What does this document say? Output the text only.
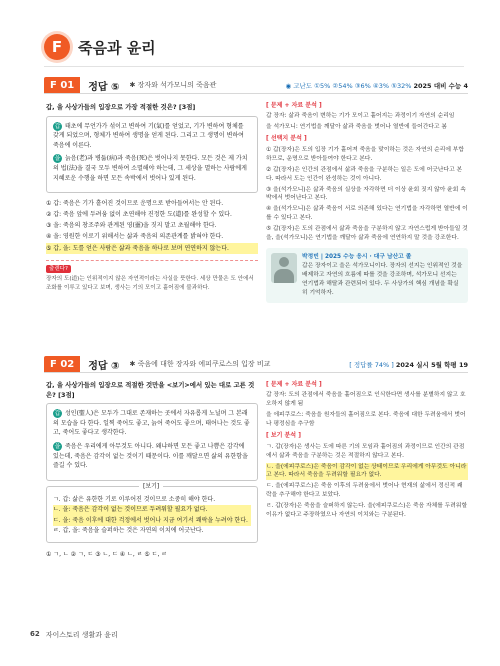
F	죽음과 윤리
F 01	정답 ⑤ ✱ 장자와 석가모니의 죽음관	◉ 고난도 ①5% ②54% ③6% ④3% ⑤32% 2025 대비 수능 4
갑, 을 사상가들의 입장으로 가장 적절한 것은? [3점]

갑 태초에 무언가가 섞이고 변하여 기(氣)를 얻었고, 기가 변하여 형체를 갖게 되었으며, 형체가 변하여 생명을 얻게 된다. 그리고 그 생명이 변하여 죽음에 이른다.

을 늙음(老)과 병듦(病)과 죽음(死)은 벗어나지 못한다. 모든 것은 제 가치의 법(法)을 결국 모두 변하여 소멸해야 하는데, 그 세상을 멸하는 사람에게 지혜로운 수행을 하면 모든 속박에서 벗어나 있게 된다.

① 갑: 죽음은 기가 흩어진 것이므로 운명으로 받아들여서는 안 된다.
② 갑: 죽음 앞에 두려움 없이 초연해야 진정한 도(道)를 완성할 수 있다.
③ 을: 죽음의 창조주와 관계된 영(靈)을 짓지 말고 초월해야 한다.
④ 을: 영원한 이로기 위해서는 삶과 죽음의 의존관계를 밝혀야 한다.
⑤ 갑, 을: 도를 얻은 사람은 삶과 죽음을 하나로 보며 연연하지 않는다.
출렌다?
장자의 도(道)는 인위적이지 않은 자연적이라는 사실을 뜻한다. 세상 만물은 도 안에서 조화를 이루고 있다고 보며, 생사는 기의 모이고 흩어짐에 불과하다.
[ 문제 + 자료 분석 ]

갑 장자: 삶과 죽음이 변하는 기가 모이고 흩어지는 과정이기 자연의 순리임

을 석가모니: 연기법을 깨달아 삶과 죽음을 벗어나 열반에 들어간다고 봄

[ 선택지 분석 ]

① 갑(장자)은 도의 입장 기가 흩어져 죽음을 맞이하는 것은 자연의 순리에 부합하므로, 운명으로 받아들여야 한다고 본다.

② 갑(장자)은 인간의 관점에서 삶과 죽음을 구분하는 일은 도에 어긋난다고 본다. 따라서 도는 인간이 완성하는 것이 아니다.

③ 을(석가모니)은 삶과 죽음의 실상을 자각하면 더 이상 윤회 짓지 않아 윤회 속박에서 벗어난다고 본다.

④ 을(석가모니)은 삶과 죽음이 서로 의존해 있다는 연기법을 자각하면 열반에 이를 수 있다고 본다.

⑤ 갑(장자)은 도의 관점에서 삶과 죽음을 구분하지 않고 자연스럽게 받아들일 것을, 을(석가모니)은 연기법을 깨달아 삶과 죽음에 연연하지 말 것을 강조한다.

박정빈 | 2025 수능 응시 · 대구 남산고 졸
갑은 장자이고 을은 석가모니이다. 장자의 선지는 인위적인 것을 배제하고 자연의 흐름에 따를 것을 강조하며, 석가모니 선지는 연기법과 해탈과 관련되어 있다. 두 사상가의 핵심 개념을 확실히 기억하자.
F 02	정답 ③ ✱ 죽음에 대한 장자와 에피쿠로스의 입장 비교	[ 정답률 74% ] 2024 실시 5월 학평 19
갑, 을 사상가들의 입장으로 적절한 것만을 <보기>에서 있는 대로 고른 것은? [3점]

갑 성인(聖人)은 모두가 그대로 존재하는 곳에서 자유롭게 노닐며 그 본래의 모습을 다 한다. 일찍 죽어도 좋고, 늙어 죽어도 좋으며, 태어나는 것도 좋고, 죽어도 좋다고 생각한다.

을 죽음은 우리에게 아무것도 아니다. 왜냐하면 모든 좋고 나쁨은 감각에 있는데, 죽음은 감각이 없는 것이기 때문이다. 이를 깨달으면 삶의 유한함을 즐길 수 있다.

[보기]
ㄱ. 갑: 삶은 유한한 기로 이루어진 것이므로 소중히 해야 한다.
ㄴ. 을: 죽음은 감각이 없는 것이므로 두려워할 필요가 없다.
ㄷ. 을: 죽음 이후에 대한 걱정에서 벗어나 지금 여기서 쾌락을 누려야 한다.
ㄹ. 갑, 을: 죽음을 슬퍼하는 것은 자연의 이치에 어긋난다.
① ㄱ, ㄴ ② ㄱ, ㄷ ③ ㄴ, ㄷ ④ ㄴ, ㄹ ⑤ ㄷ, ㄹ
[ 문제 + 자료 분석 ]

갑 장자: 도의 관점에서 죽음을 흩어짐으로 인식한다면 생사를 분별하지 않고 호오하지 않게 됨

을 에피쿠로스: 죽음을 원자들의 흩어짐으로 본다. 죽음에 대한 두려움에서 벗어나 평정심을 추구함

[ 보기 분석 ]

ㄱ. 갑(장자)은 생사는 도에 따른 기의 모임과 흩어짐의 과정이므로 인간의 관점에서 삶과 죽음을 구분하는 것은 적절하지 않다고 본다.

ㄴ. 을(에피쿠로스)은 죽음이 감각이 없는 상태이므로 우리에게 아무것도 아니라고 본다. 따라서 죽음을 두려워할 필요가 없다.

ㄷ. 을(에피쿠로스)은 죽음 이후의 두려움에서 벗어나 현재의 삶에서 정신적 쾌락을 추구해야 한다고 보았다.

ㄹ. 갑(장자)은 죽음을 슬퍼하지 않는다. 을(에피쿠로스)은 죽음 자체를 두려워할 이유가 없다고 주장하였으나 자연의 이치와는 구분된다.

62 자이스토리 생활과 윤리
